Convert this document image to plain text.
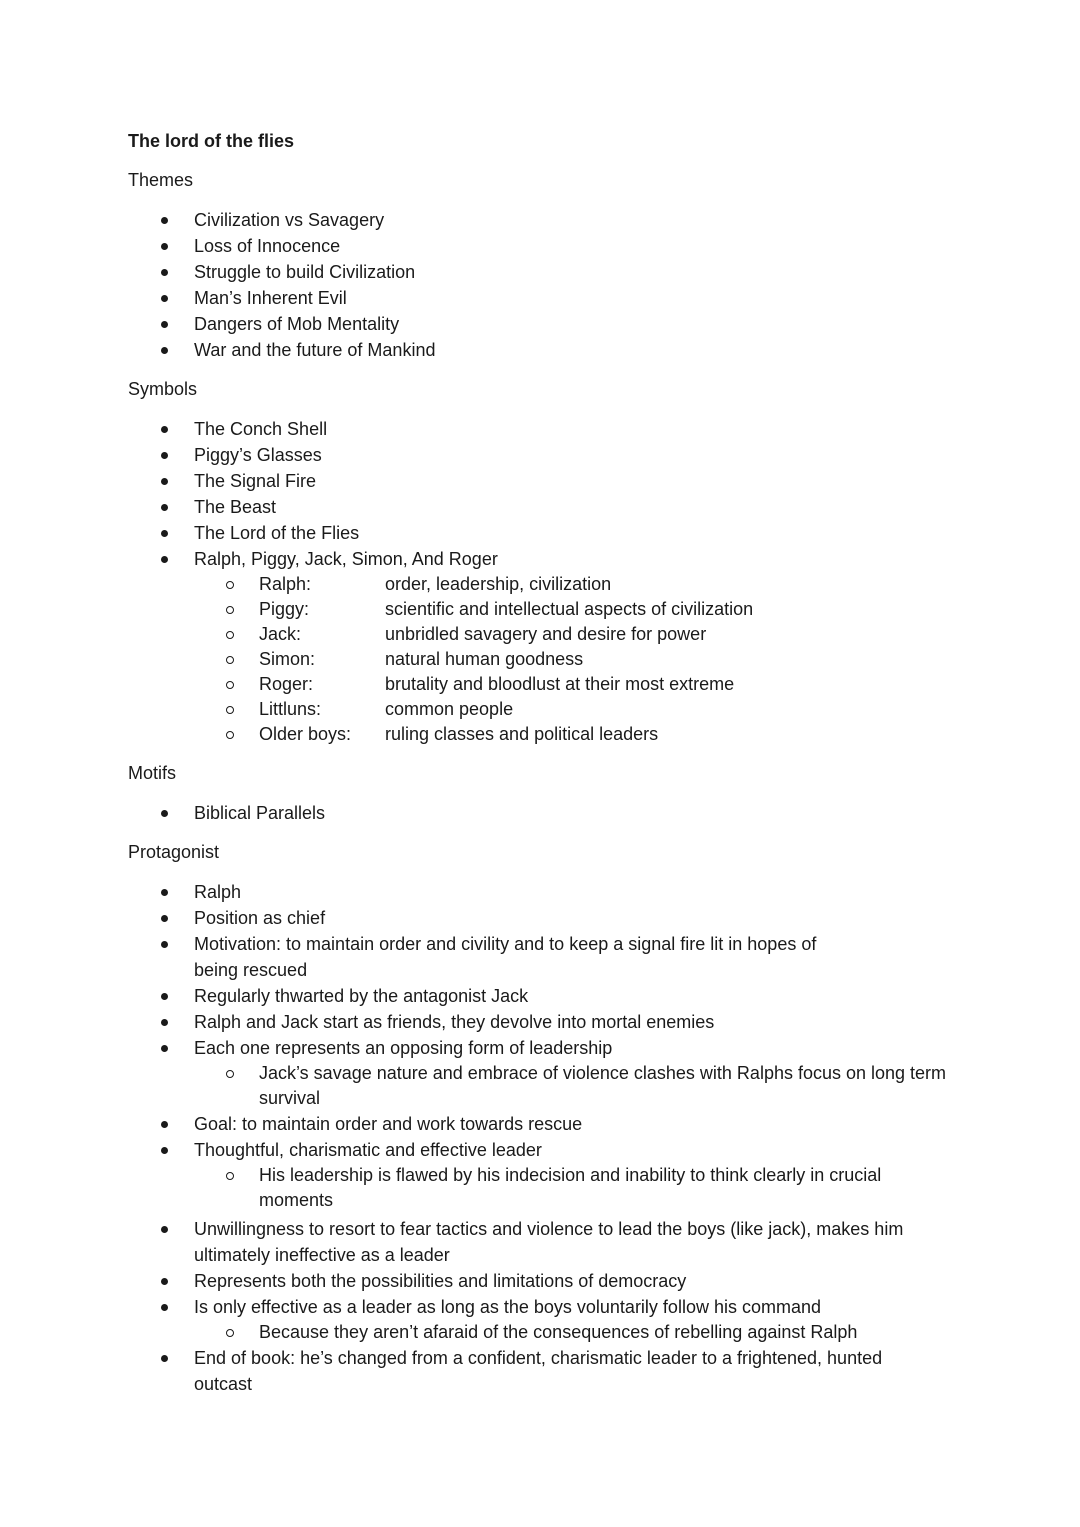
The lord of the flies
Themes
Civilization vs Savagery
Loss of Innocence
Struggle to build Civilization
Man’s Inherent Evil
Dangers of Mob Mentality
War and the future of Mankind
Symbols
The Conch Shell
Piggy’s Glasses
The Signal Fire
The Beast
The Lord of the Flies
Ralph, Piggy, Jack, Simon, And Roger
Ralph:	order, leadership, civilization
Piggy:	scientific and intellectual aspects of civilization
Jack:	unbridled savagery and desire for power
Simon:	natural human goodness
Roger:	brutality and bloodlust at their most extreme
Littluns:	common people
Older boys:	ruling classes and political leaders
Motifs
Biblical Parallels
Protagonist
Ralph
Position as chief
Motivation: to maintain order and civility and to keep a signal fire lit in hopes of being rescued
Regularly thwarted by the antagonist Jack
Ralph and Jack start as friends, they devolve into mortal enemies
Each one represents an opposing form of leadership
Jack’s savage nature and embrace of violence clashes with Ralphs focus on long term survival
Goal: to maintain order and work towards rescue
Thoughtful, charismatic and effective leader
His leadership is flawed by his indecision and inability to think clearly in crucial moments
Unwillingness to resort to fear tactics and violence to lead the boys (like jack), makes him ultimately ineffective as a leader
Represents both the possibilities and limitations of democracy
Is only effective as a leader as long as the boys voluntarily follow his command
Because they aren’t afaraid of the consequences of rebelling against Ralph
End of book: he’s changed from a confident, charismatic leader to a frightened, hunted outcast
